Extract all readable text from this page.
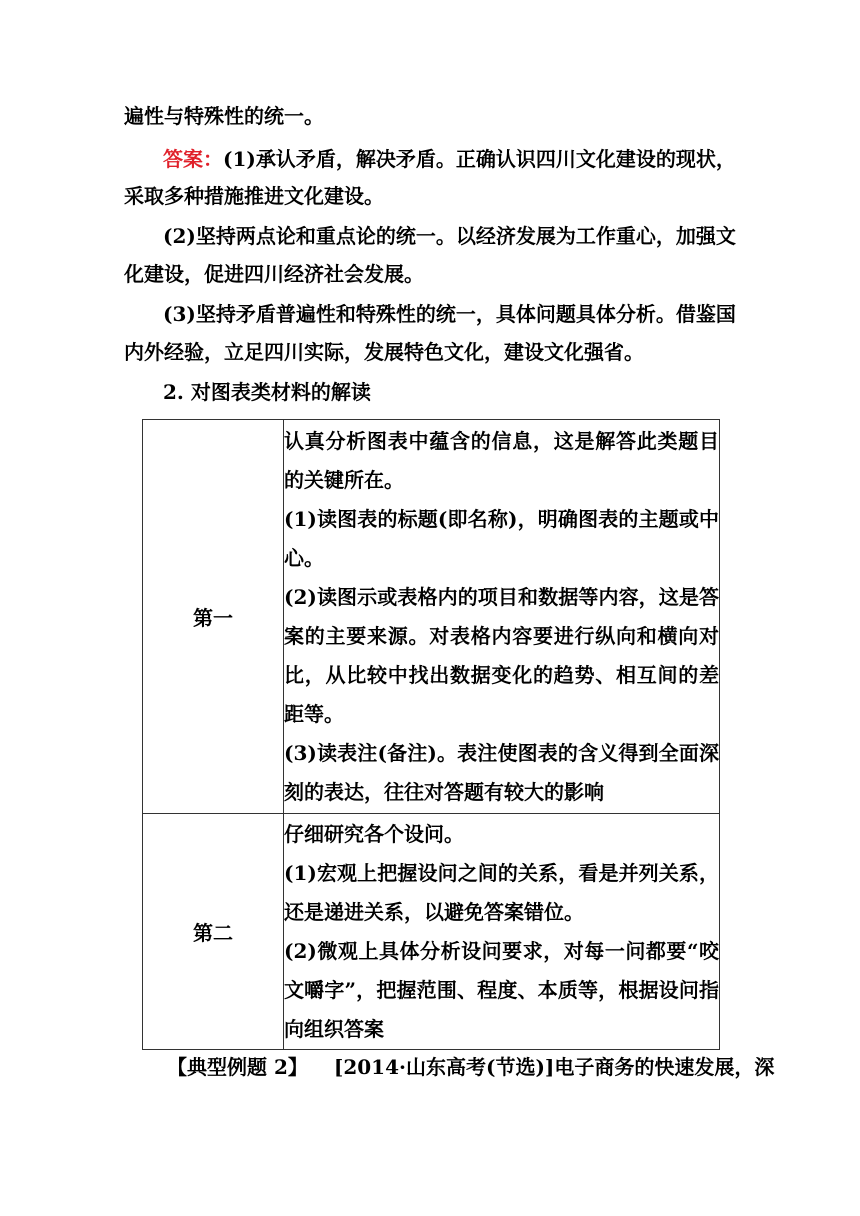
遍性与特殊性的统一。
答案：(1)承认矛盾，解决矛盾。正确认识四川文化建设的现状，
采取多种措施推进文化建设。
(2)坚持两点论和重点论的统一。以经济发展为工作重心，加强文
化建设，促进四川经济社会发展。
(3)坚持矛盾普遍性和特殊性的统一，具体问题具体分析。借鉴国
内外经验，立足四川实际，发展特色文化，建设文化强省。
2. 对图表类材料的解读
第一	认真分析图表中蕴含的信息，这是解答此类题目的关键所在。

(1)读图表的标题(即名称)，明确图表的主题或中心。

(2)读图示或表格内的项目和数据等内容，这是答案的主要来源。对表格内容要进行纵向和横向对比，从比较中找出数据变化的趋势、相互间的差距等。

(3)读表注(备注)。表注使图表的含义得到全面深刻的表达，往往对答题有较大的影响

第二	仔细研究各个设问。

(1)宏观上把握设问之间的关系，看是并列关系，还是递进关系，以避免答案错位。

(2)微观上具体分析设问要求，对每一问都要“咬文嚼字”，把握范围、程度、本质等，根据设问指向组织答案

【典型例题 2】 [2014·山东高考(节选)]电子商务的快速发展，深
